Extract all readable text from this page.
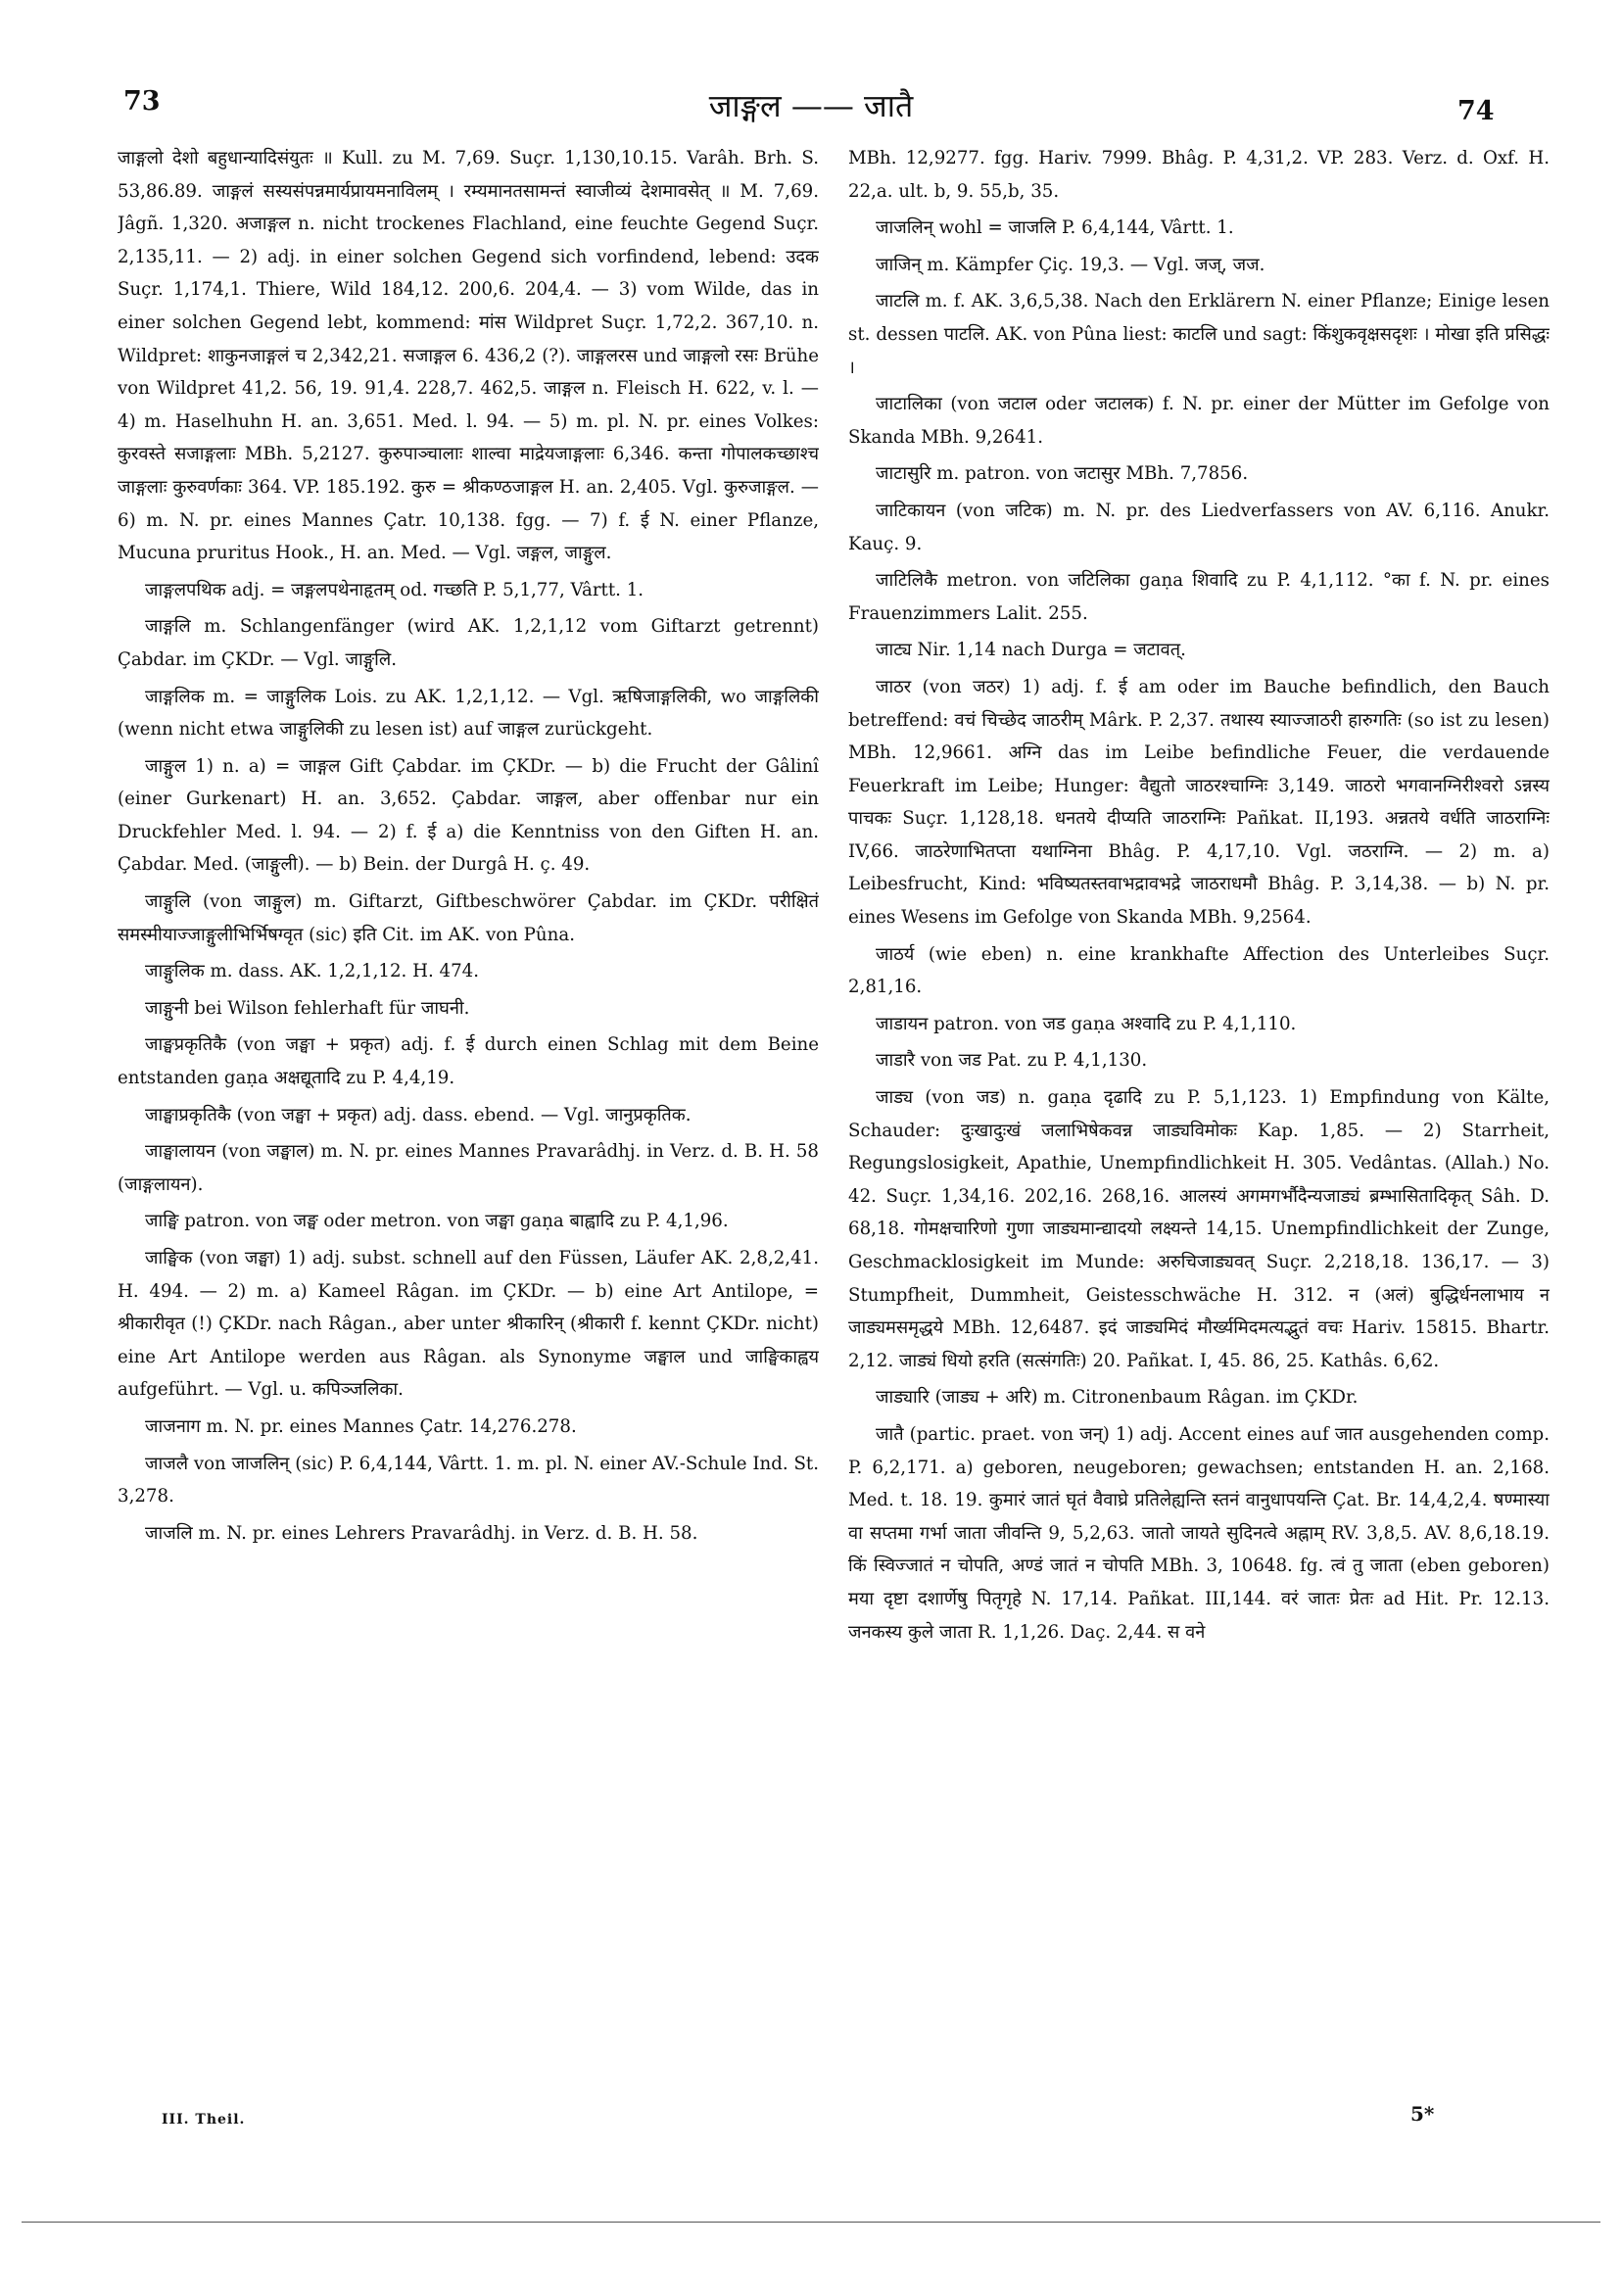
73	जाङ्गल —— जातै	74

जाङ्गलो देशो बहुधान्यादिसंयुतः ॥ Kull. zu M. 7,69. Suçr. 1,130,10.15. Varâh. Brh. S. 53,86.89. जाङ्गलं सस्यसंपन्नमार्यप्रायमनाविलम् । रम्यमानतसामन्तं स्वाजीव्यं देशमावसेत् ॥ M. 7,69. Jâgñ. 1,320. अजाङ्गल n. nicht trockenes Flachland, eine feuchte Gegend Suçr. 2,135,11. — 2) adj. in einer solchen Gegend sich vorfindend, lebend: उदक Suçr. 1,174,1. Thiere, Wild 184,12. 200,6. 204,4. — 3) vom Wilde, das in einer solchen Gegend lebt, kommend: मांस Wildpret Suçr. 1,72,2. 367,10. n. Wildpret: शाकुनजाङ्गलं च 2,342,21. सजाङ्गल 6. 436,2 (?). जाङ्गलरस und जाङ्गलो रसः Brühe von Wildpret 41,2. 56, 19. 91,4. 228,7. 462,5. जाङ्गल n. Fleisch H. 622, v. l. — 4) m. Haselhuhn H. an. 3,651. Med. l. 94. — 5) m. pl. N. pr. eines Volkes: कुरवस्ते सजाङ्गलाः MBh. 5,2127. कुरुपाञ्चालाः शाल्वा माद्रेयजाङ्गलाः 6,346. कन्ता गोपालकच्छाश्च जाङ्गलाः कुरुवर्णकाः 364. VP. 185.192. कुरु = श्रीकण्ठजाङ्गल H. an. 2,405. Vgl. कुरुजाङ्गल. — 6) m. N. pr. eines Mannes Çatr. 10,138. fgg. — 7) f. ई N. einer Pflanze, Mucuna pruritus Hook., H. an. Med. — Vgl. जङ्गल, जाङ्गुल.

जाङ्गलपथिक adj. = जङ्गलपथेनाहृतम् od. गच्छति P. 5,1,77, Vârtt. 1.

जाङ्गलि m. Schlangenfänger (wird AK. 1,2,1,12 vom Giftarzt getrennt) Çabdar. im ÇKDr. — Vgl. जाङ्गुलि.

जाङ्गलिक m. = जाङ्गुलिक Lois. zu AK. 1,2,1,12. — Vgl. ऋषिजाङ्गलिकी, wo जाङ्गलिकी (wenn nicht etwa जाङ्गुलिकी zu lesen ist) auf जाङ्गल zurückgeht.

जाङ्गुल 1) n. a) = जाङ्गल Gift Çabdar. im ÇKDr. — b) die Frucht der Gâlinî (einer Gurkenart) H. an. 3,652. Çabdar. जाङ्गल, aber offenbar nur ein Druckfehler Med. l. 94. — 2) f. ई a) die Kenntniss von den Giften H. an. Çabdar. Med. (जाङ्गुली). — b) Bein. der Durgâ H. ç. 49.

जाङ्गुलि (von जाङ्गुल) m. Giftarzt, Giftbeschwörer Çabdar. im ÇKDr. परीक्षितं समस्मीयाज्जाङ्गुलीभिर्भिषग्वृत (sic) इति Cit. im AK. von Pûna.

जाङ्गुलिक m. dass. AK. 1,2,1,12. H. 474.

जाङ्गुनी bei Wilson fehlerhaft für जाघनी.

जाङ्घप्रकृतिकै (von जङ्घा + प्रकृत) adj. f. ई durch einen Schlag mit dem Beine entstanden gaṇa अक्षद्यूतादि zu P. 4,4,19.

जाङ्घाप्रकृतिकै (von जङ्घा + प्रकृत) adj. dass. ebend. — Vgl. जानुप्रकृतिक.

जाङ्घालायन (von जङ्घाल) m. N. pr. eines Mannes Pravarâdhj. in Verz. d. B. H. 58 (जाङ्गलायन).

जाङ्घि patron. von जङ्घ oder metron. von जङ्घा gaṇa बाह्वादि zu P. 4,1,96.

जाङ्घिक (von जङ्घा) 1) adj. subst. schnell auf den Füssen, Läufer AK. 2,8,2,41. H. 494. — 2) m. a) Kameel Râgan. im ÇKDr. — b) eine Art Antilope, = श्रीकारीवृत (!) ÇKDr. nach Râgan., aber unter श्रीकारिन् (श्रीकारी f. kennt ÇKDr. nicht) eine Art Antilope werden aus Râgan. als Synonyme जङ्घाल und जाङ्घिकाह्वय aufgeführt. — Vgl. u. कपिञ्जलिका.

जाजनाग m. N. pr. eines Mannes Çatr. 14,276.278.

जाजलै von जाजलिन् (sic) P. 6,4,144, Vârtt. 1. m. pl. N. einer AV.-Schule Ind. St. 3,278.

जाजलि m. N. pr. eines Lehrers Pravarâdhj. in Verz. d. B. H. 58.

MBh. 12,9277. fgg. Hariv. 7999. Bhâg. P. 4,31,2. VP. 283. Verz. d. Oxf. H. 22,a. ult. b, 9. 55,b, 35.

जाजलिन् wohl = जाजलि P. 6,4,144, Vârtt. 1.

जाजिन् m. Kämpfer Çiç. 19,3. — Vgl. जज्, जज.

जाटलि m. f. AK. 3,6,5,38. Nach den Erklärern N. einer Pflanze; Einige lesen st. dessen पाटलि. AK. von Pûna liest: काटलि und sagt: किंशुकवृक्षसदृशः । मोखा इति प्रसिद्धः ।

जाटालिका (von जटाल oder जटालक) f. N. pr. einer der Mütter im Gefolge von Skanda MBh. 9,2641.

जाटासुरि m. patron. von जटासुर MBh. 7,7856.

जाटिकायन (von जटिक) m. N. pr. des Liedverfassers von AV. 6,116. Anukr. Kauç. 9.

जाटिलिकै metron. von जटिलिका gaṇa शिवादि zu P. 4,1,112. °का f. N. pr. eines Frauenzimmers Lalit. 255.

जाट्य Nir. 1,14 nach Durga = जटावत्.

जाठर (von जठर) 1) adj. f. ई am oder im Bauche befindlich, den Bauch betreffend: वचं चिच्छेद जाठरीम् Mârk. P. 2,37. तथास्य स्याज्जाठरी हारुगतिः (so ist zu lesen) MBh. 12,9661. अग्नि das im Leibe befindliche Feuer, die verdauende Feuerkraft im Leibe; Hunger: वैद्युतो जाठरश्चाग्निः 3,149. जाठरो भगवानग्निरीश्वरो ऽन्नस्य पाचकः Suçr. 1,128,18. धनतये दीप्यति जाठराग्निः Pañkat. II,193. अन्नतये वर्धति जाठराग्निः IV,66. जाठरेणाभितप्ता यथाग्निना Bhâg. P. 4,17,10. Vgl. जठराग्नि. — 2) m. a) Leibesfrucht, Kind: भविष्यतस्तवाभद्रावभद्रे जाठराधमौ Bhâg. P. 3,14,38. — b) N. pr. eines Wesens im Gefolge von Skanda MBh. 9,2564.

जाठर्य (wie eben) n. eine krankhafte Affection des Unterleibes Suçr. 2,81,16.

जाडायन patron. von जड gaṇa अश्वादि zu P. 4,1,110.

जाडारै von जड Pat. zu P. 4,1,130.

जाड्य (von जड) n. gaṇa दृढादि zu P. 5,1,123. 1) Empfindung von Kälte, Schauder: दुःखादुःखं जलाभिषेकवन्न जाड्यविमोकः Kap. 1,85. — 2) Starrheit, Regungslosigkeit, Apathie, Unempfindlichkeit H. 305. Vedântas. (Allah.) No. 42. Suçr. 1,34,16. 202,16. 268,16. आलस्यं अगमगर्भौदैन्यजाड्यं ब्रम्भासितादिकृत् Sâh. D. 68,18. गोमक्षचारिणो गुणा जाड्यमान्द्यादयो लक्ष्यन्ते 14,15. Unempfindlichkeit der Zunge, Geschmacklosigkeit im Munde: अरुचिजाड्यवत् Suçr. 2,218,18. 136,17. — 3) Stumpfheit, Dummheit, Geistesschwäche H. 312. न (अलं) बुद्धिर्धनलाभाय न जाड्यमसमृद्धये MBh. 12,6487. इदं जाड्यमिदं मौर्ख्यमिदमत्यद्भुतं वचः Hariv. 15815. Bhartr. 2,12. जाड्यं धियो हरति (सत्संगतिः) 20. Pañkat. I, 45. 86, 25. Kathâs. 6,62.

जाड्यारि (जाड्य + अरि) m. Citronenbaum Râgan. im ÇKDr.

जातै (partic. praet. von जन्) 1) adj. Accent eines auf जात ausgehenden comp. P. 6,2,171. a) geboren, neugeboren; gewachsen; entstanden H. an. 2,168. Med. t. 18. 19. कुमारं जातं घृतं वैवाघ्रे प्रतिलेह्यन्ति स्तनं वानुधापयन्ति Çat. Br. 14,4,2,4. षण्मास्या वा सप्तमा गर्भा जाता जीवन्ति 9, 5,2,63. जातो जायते सुदिनत्वे अह्नाम् RV. 3,8,5. AV. 8,6,18.19. किं स्विज्जातं न चोपति, अण्डं जातं न चोपति MBh. 3, 10648. fg. त्वं तु जाता (eben geboren) मया दृष्टा दशार्णेषु पितृगृहे N. 17,14. Pañkat. III,144. वरं जातः प्रेतः ad Hit. Pr. 12.13. जनकस्य कुले जाता R. 1,1,26. Daç. 2,44. स वने

III. Theil.	5*
